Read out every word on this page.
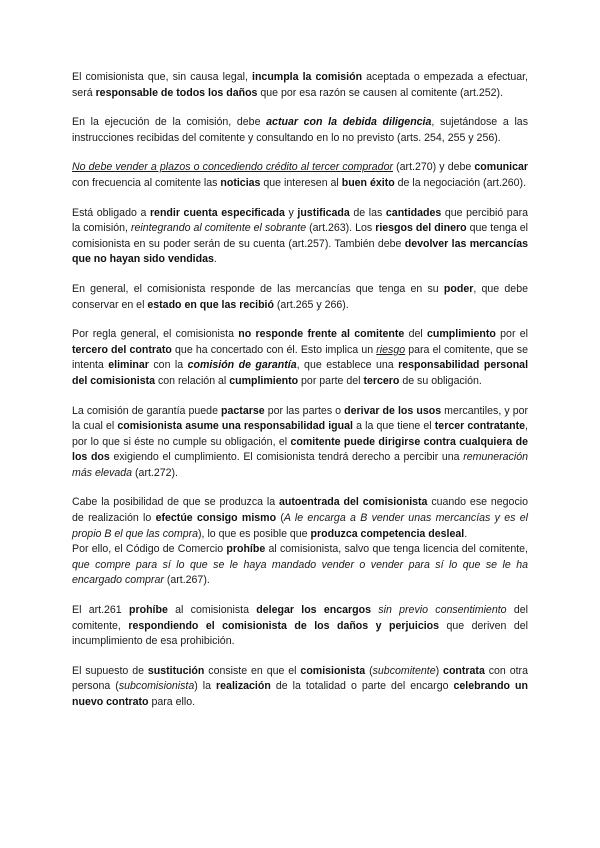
El comisionista que, sin causa legal, incumpla la comisión aceptada o empezada a efectuar, será responsable de todos los daños que por esa razón se causen al comitente (art.252).

En la ejecución de la comisión, debe actuar con la debida diligencia, sujetándose a las instrucciones recibidas del comitente y consultando en lo no previsto (arts. 254, 255 y 256).

No debe vender a plazos o concediendo crédito al tercer comprador (art.270) y debe comunicar con frecuencia al comitente las noticias que interesen al buen éxito de la negociación (art.260).

Está obligado a rendir cuenta especificada y justificada de las cantidades que percibió para la comisión, reintegrando al comitente el sobrante (art.263). Los riesgos del dinero que tenga el comisionista en su poder serán de su cuenta (art.257). También debe devolver las mercancías que no hayan sido vendidas.

En general, el comisionista responde de las mercancías que tenga en su poder, que debe conservar en el estado en que las recibió (art.265 y 266).

Por regla general, el comisionista no responde frente al comitente del cumplimiento por el tercero del contrato que ha concertado con él. Esto implica un riesgo para el comitente, que se intenta eliminar con la comisión de garantía, que establece una responsabilidad personal del comisionista con relación al cumplimiento por parte del tercero de su obligación.

La comisión de garantía puede pactarse por las partes o derivar de los usos mercantiles, y por la cual el comisionista asume una responsabilidad igual a la que tiene el tercer contratante, por lo que si éste no cumple su obligación, el comitente puede dirigirse contra cualquiera de los dos exigiendo el cumplimiento. El comisionista tendrá derecho a percibir una remuneración más elevada (art.272).

Cabe la posibilidad de que se produzca la autoentrada del comisionista cuando ese negocio de realización lo efectúe consigo mismo (A le encarga a B vender unas mercancías y es el propio B el que las compra), lo que es posible que produzca competencia desleal.

Por ello, el Código de Comercio prohíbe al comisionista, salvo que tenga licencia del comitente, que compre para sí lo que se le haya mandado vender o vender para sí lo que se le ha encargado comprar (art.267).

El art.261 prohíbe al comisionista delegar los encargos sin previo consentimiento del comitente, respondiendo el comisionista de los daños y perjuicios que deriven del incumplimiento de esa prohibición.

El supuesto de sustitución consiste en que el comisionista (subcomitente) contrata con otra persona (subcomisionista) la realización de la totalidad o parte del encargo celebrando un nuevo contrato para ello.
